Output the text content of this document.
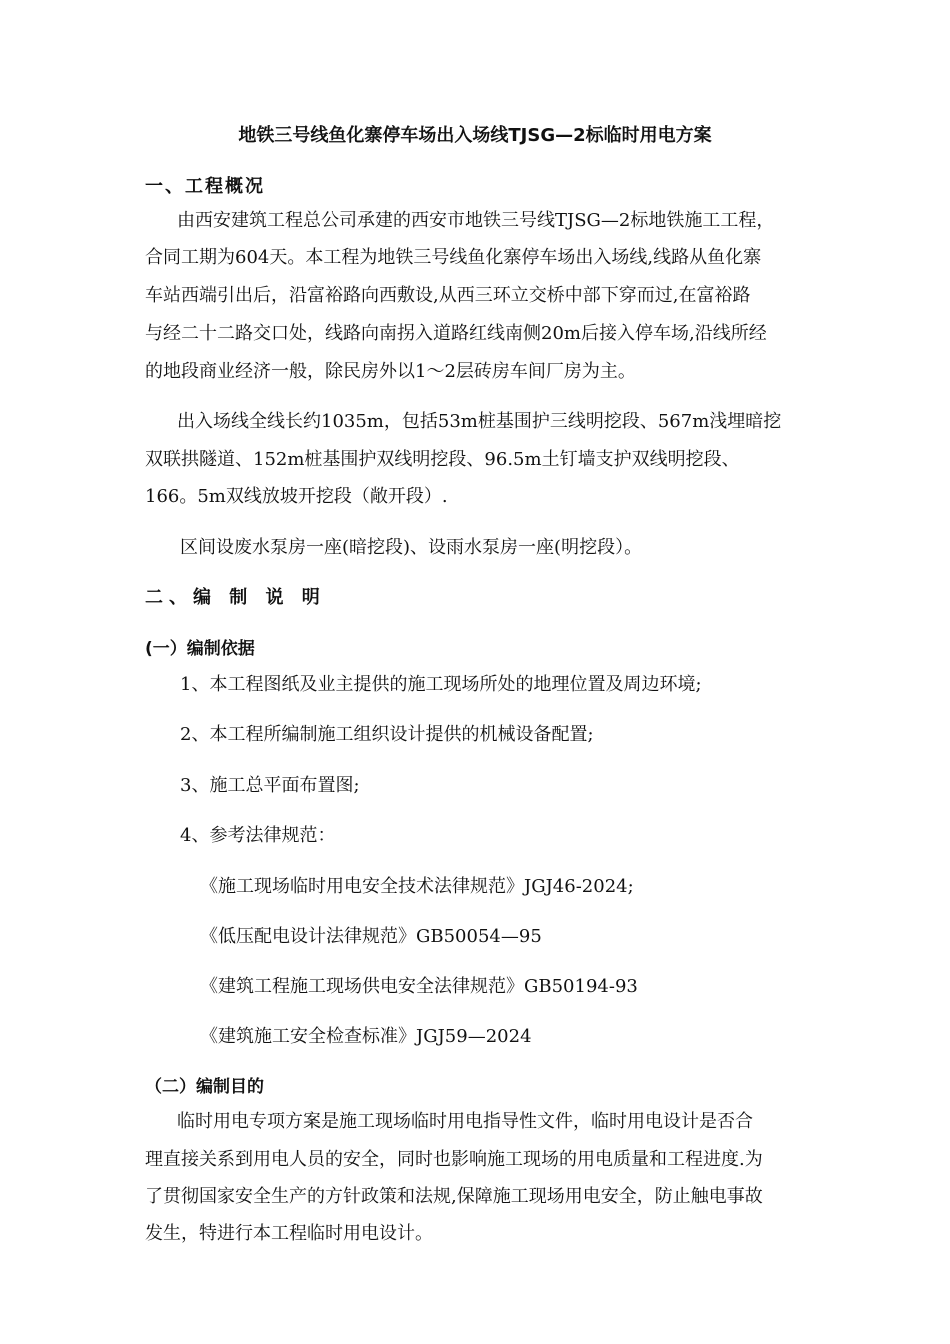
地铁三号线鱼化寨停车场出入场线TJSG—2标临时用电方案
一、工程概况
由西安建筑工程总公司承建的西安市地铁三号线TJSG—2标地铁施工工程，
合同工期为604天。本工程为地铁三号线鱼化寨停车场出入场线,线路从鱼化寨
车站西端引出后，沿富裕路向西敷设,从西三环立交桥中部下穿而过,在富裕路
与经二十二路交口处，线路向南拐入道路红线南侧20m后接入停车场,沿线所经
的地段商业经济一般，除民房外以1～2层砖房车间厂房为主。
出入场线全线长约1035m，包括53m桩基围护三线明挖段、567m浅埋暗挖
双联拱隧道、152m桩基围护双线明挖段、96.5m土钉墙支护双线明挖段、
166。5m双线放坡开挖段（敞开段）.
区间设废水泵房一座(暗挖段)、设雨水泵房一座(明挖段）。
二、编 制 说 明
(一）编制依据
1、本工程图纸及业主提供的施工现场所处的地理位置及周边环境;
2、本工程所编制施工组织设计提供的机械设备配置;
3、施工总平面布置图;
4、参考法律规范：
《施工现场临时用电安全技术法律规范》JGJ46-2024;
《低压配电设计法律规范》GB50054—95
《建筑工程施工现场供电安全法律规范》GB50194-93
《建筑施工安全检查标准》JGJ59—2024
（二）编制目的
临时用电专项方案是施工现场临时用电指导性文件，临时用电设计是否合
理直接关系到用电人员的安全，同时也影响施工现场的用电质量和工程进度.为
了贯彻国家安全生产的方针政策和法规,保障施工现场用电安全，防止触电事故
发生，特进行本工程临时用电设计。
